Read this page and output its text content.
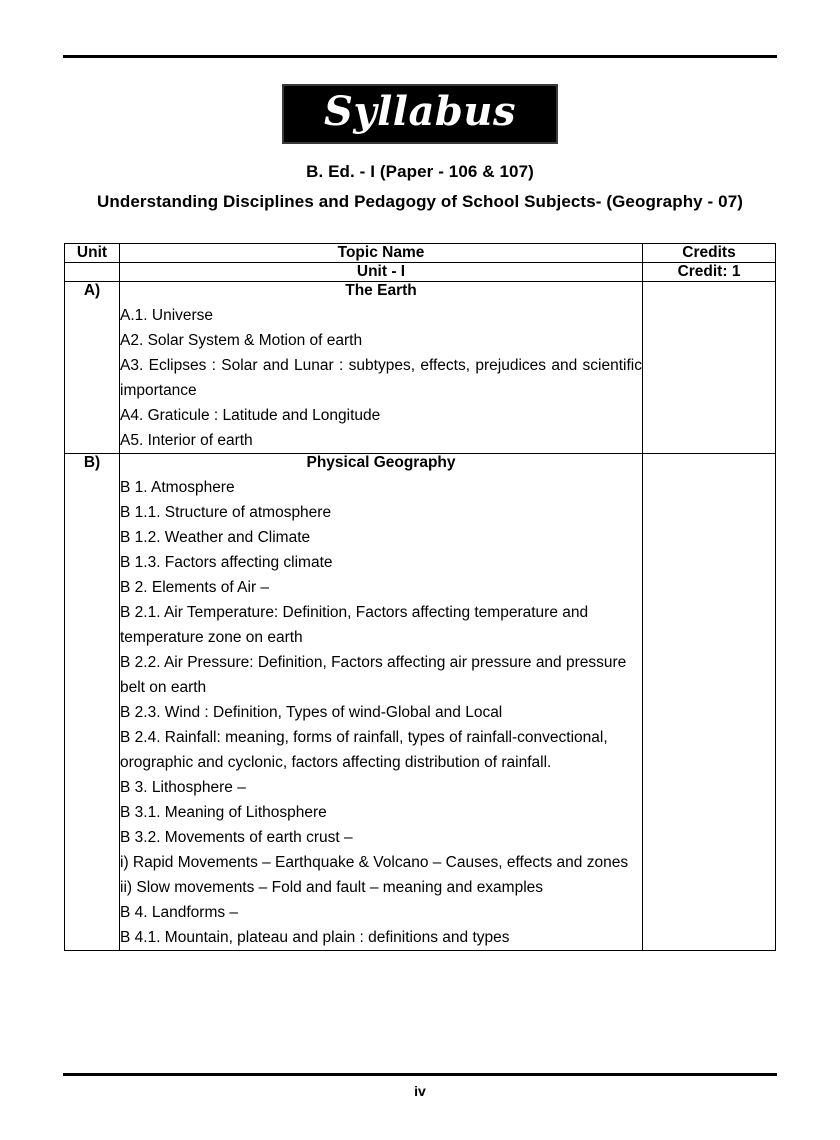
Syllabus
B. Ed. - I (Paper - 106 & 107)
Understanding Disciplines and Pedagogy of School Subjects- (Geography - 07)
Unit	Topic Name	Credits
	Unit - I	Credit: 1
A)	The Earth
A.1. Universe
A2. Solar System & Motion of earth
A3. Eclipses : Solar and Lunar : subtypes, effects, prejudices and scientific importance
A4. Graticule : Latitude and Longitude
A5. Interior of earth

B)	Physical Geography
B 1. Atmosphere
B 1.1. Structure of atmosphere
B 1.2. Weather and Climate
B 1.3. Factors affecting climate
B 2. Elements of Air –
B 2.1. Air Temperature: Definition, Factors affecting temperature and temperature zone on earth
B 2.2. Air Pressure: Definition, Factors affecting air pressure and pressure belt on earth
B 2.3. Wind : Definition, Types of wind-Global and Local
B 2.4. Rainfall: meaning, forms of rainfall, types of rainfall-convectional, orographic and cyclonic, factors affecting distribution of rainfall.
B 3. Lithosphere –
B 3.1. Meaning of Lithosphere
B 3.2. Movements of earth crust –
i) Rapid Movements – Earthquake & Volcano – Causes, effects and zones
ii) Slow movements – Fold and fault – meaning and examples
B 4. Landforms –
B 4.1. Mountain, plateau and plain : definitions and types

iv
